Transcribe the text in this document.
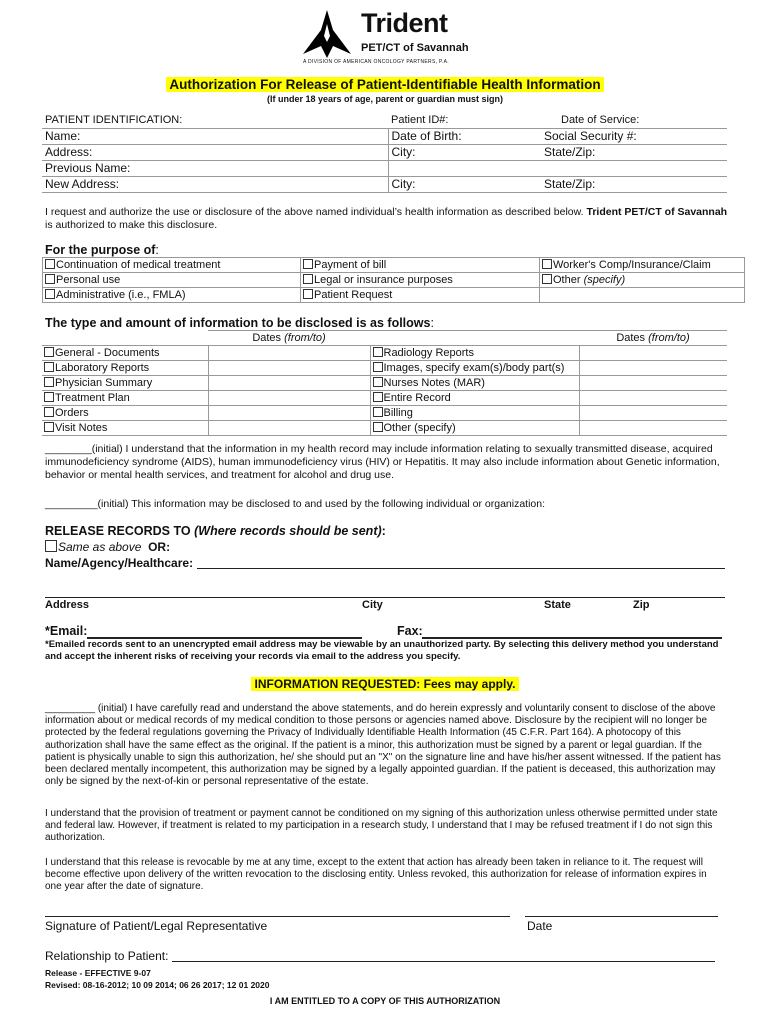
Trident
PET/CT of Savannah
A DIVISION OF AMERICAN ONCOLOGY PARTNERS, P.A.
Authorization For Release of Patient-Identifiable Health Information
(If under 18 years of age, parent or guardian must sign)
PATIENT IDENTIFICATION:	Patient ID#:	Date of Service:
Name:	Date of Birth:	Social Security #:
Address:	City:	State/Zip:
Previous Name:		
New Address:	City:	State/Zip:
I request and authorize the use or disclosure of the above named individual’s health information as described below. Trident PET/CT of Savannah is authorized to make this disclosure.
For the purpose of:
Continuation of medical treatment	Payment of bill	Worker's Comp/Insurance/Claim
Personal use	Legal or insurance purposes	Other (specify)
Administrative (i.e., FMLA)	Patient Request	
The type and amount of information to be disclosed is as follows:
	Dates (from/to)		Dates (from/to)
General - Documents		Radiology Reports	
Laboratory Reports		Images, specify exam(s)/body part(s)	
Physician Summary		Nurses Notes (MAR)	
Treatment Plan		Entire Record	
Orders		Billing	
Visit Notes		Other (specify)	
________(initial) I understand that the information in my health record may include information relating to sexually transmitted disease, acquired immunodeficiency syndrome (AIDS), human immunodeficiency virus (HIV) or Hepatitis. It may also include information about Genetic information, behavior or mental health services, and treatment for alcohol and drug use.
_________(initial) This information may be disclosed to and used by the following individual or organization:
RELEASE RECORDS TO (Where records should be sent):
Same as above OR:
Name/Agency/Healthcare:
Address	City	State	Zip
*Email:	Fax:
*Emailed records sent to an unencrypted email address may be viewable by an unauthorized party. By selecting this delivery method you understand and accept the inherent risks of receiving your records via email to the address you specify.
INFORMATION REQUESTED: Fees may apply.
_________ (initial) I have carefully read and understand the above statements, and do herein expressly and voluntarily consent to disclose of the above information about or medical records of my medical condition to those persons or agencies named above. Disclosure by the recipient will no longer be protected by the federal regulations governing the Privacy of Individually Identifiable Health Information (45 C.F.R. Part 164). A photocopy of this authorization shall have the same effect as the original. If the patient is a minor, this authorization must be signed by a parent or legal guardian. If the patient is physically unable to sign this authorization, he/ she should put an "X" on the signature line and have his/her assent witnessed. If the patient has been declared mentally incompetent, this authorization may be signed by a legally appointed guardian. If the patient is deceased, this authorization may only be signed by the next-of-kin or personal representative of the estate.
I understand that the provision of treatment or payment cannot be conditioned on my signing of this authorization unless otherwise permitted under state and federal law. However, if treatment is related to my participation in a research study, I understand that I may be refused treatment if I do not sign this authorization.
I understand that this release is revocable by me at any time, except to the extent that action has already been taken in reliance to it. The request will become effective upon delivery of the written revocation to the disclosing entity. Unless revoked, this authorization for release of information expires in one year after the date of signature.
Signature of Patient/Legal Representative	Date
Relationship to Patient:
Release - EFFECTIVE 9-07
Revised: 08-16-2012; 10 09 2014; 06 26 2017; 12 01 2020
I AM ENTITLED TO A COPY OF THIS AUTHORIZATION
